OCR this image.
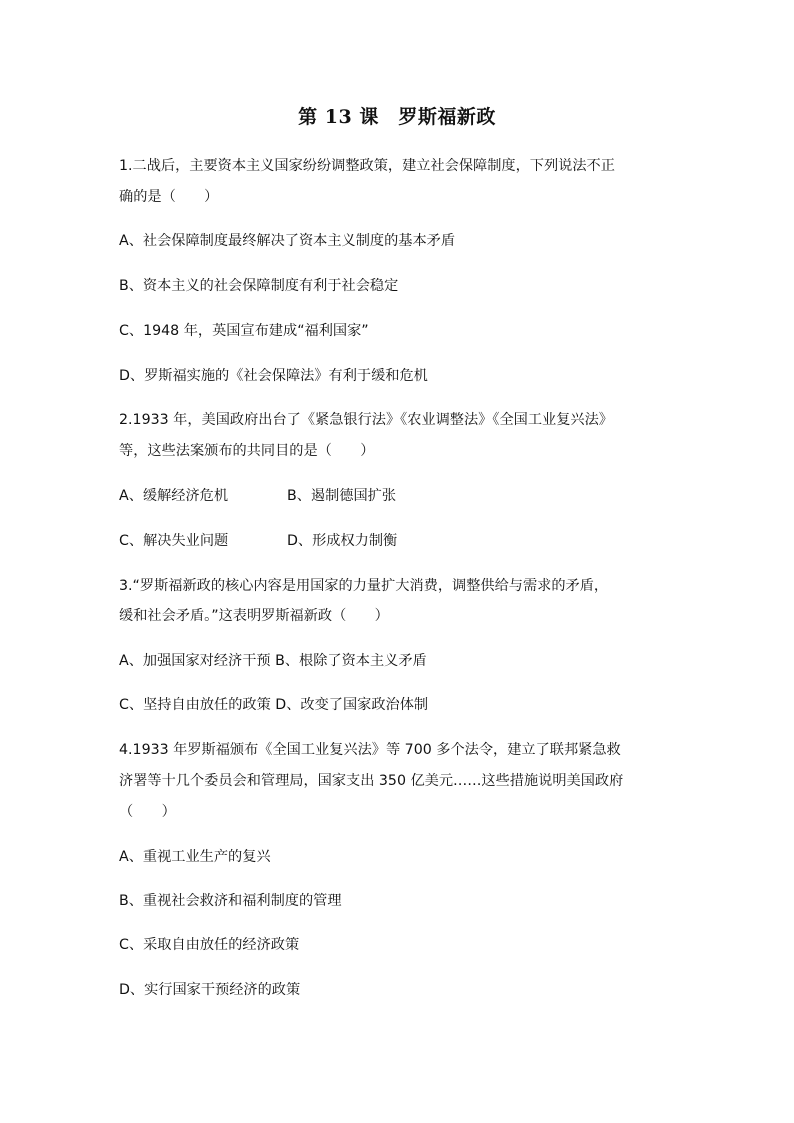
第 13 课　罗斯福新政
1.二战后，主要资本主义国家纷纷调整政策，建立社会保障制度，下列说法不正
确的是（　　）
A、社会保障制度最终解决了资本主义制度的基本矛盾
B、资本主义的社会保障制度有利于社会稳定
C、1948 年，英国宣布建成“福利国家”
D、罗斯福实施的《社会保障法》有利于缓和危机
2.1933 年，美国政府出台了《紧急银行法》《农业调整法》《全国工业复兴法》
等，这些法案颁布的共同目的是（　　）
A、缓解经济危机	B、遏制德国扩张
C、解决失业问题	D、形成权力制衡
3.“罗斯福新政的核心内容是用国家的力量扩大消费，调整供给与需求的矛盾，
缓和社会矛盾。”这表明罗斯福新政（　　）
A、加强国家对经济干预 B、根除了资本主义矛盾
C、坚持自由放任的政策 D、改变了国家政治体制
4.1933 年罗斯福颁布《全国工业复兴法》等 700 多个法令，建立了联邦紧急救
济署等十几个委员会和管理局，国家支出 350 亿美元……这些措施说明美国政府
（　　）
A、重视工业生产的复兴
B、重视社会救济和福利制度的管理
C、采取自由放任的经济政策
D、实行国家干预经济的政策
